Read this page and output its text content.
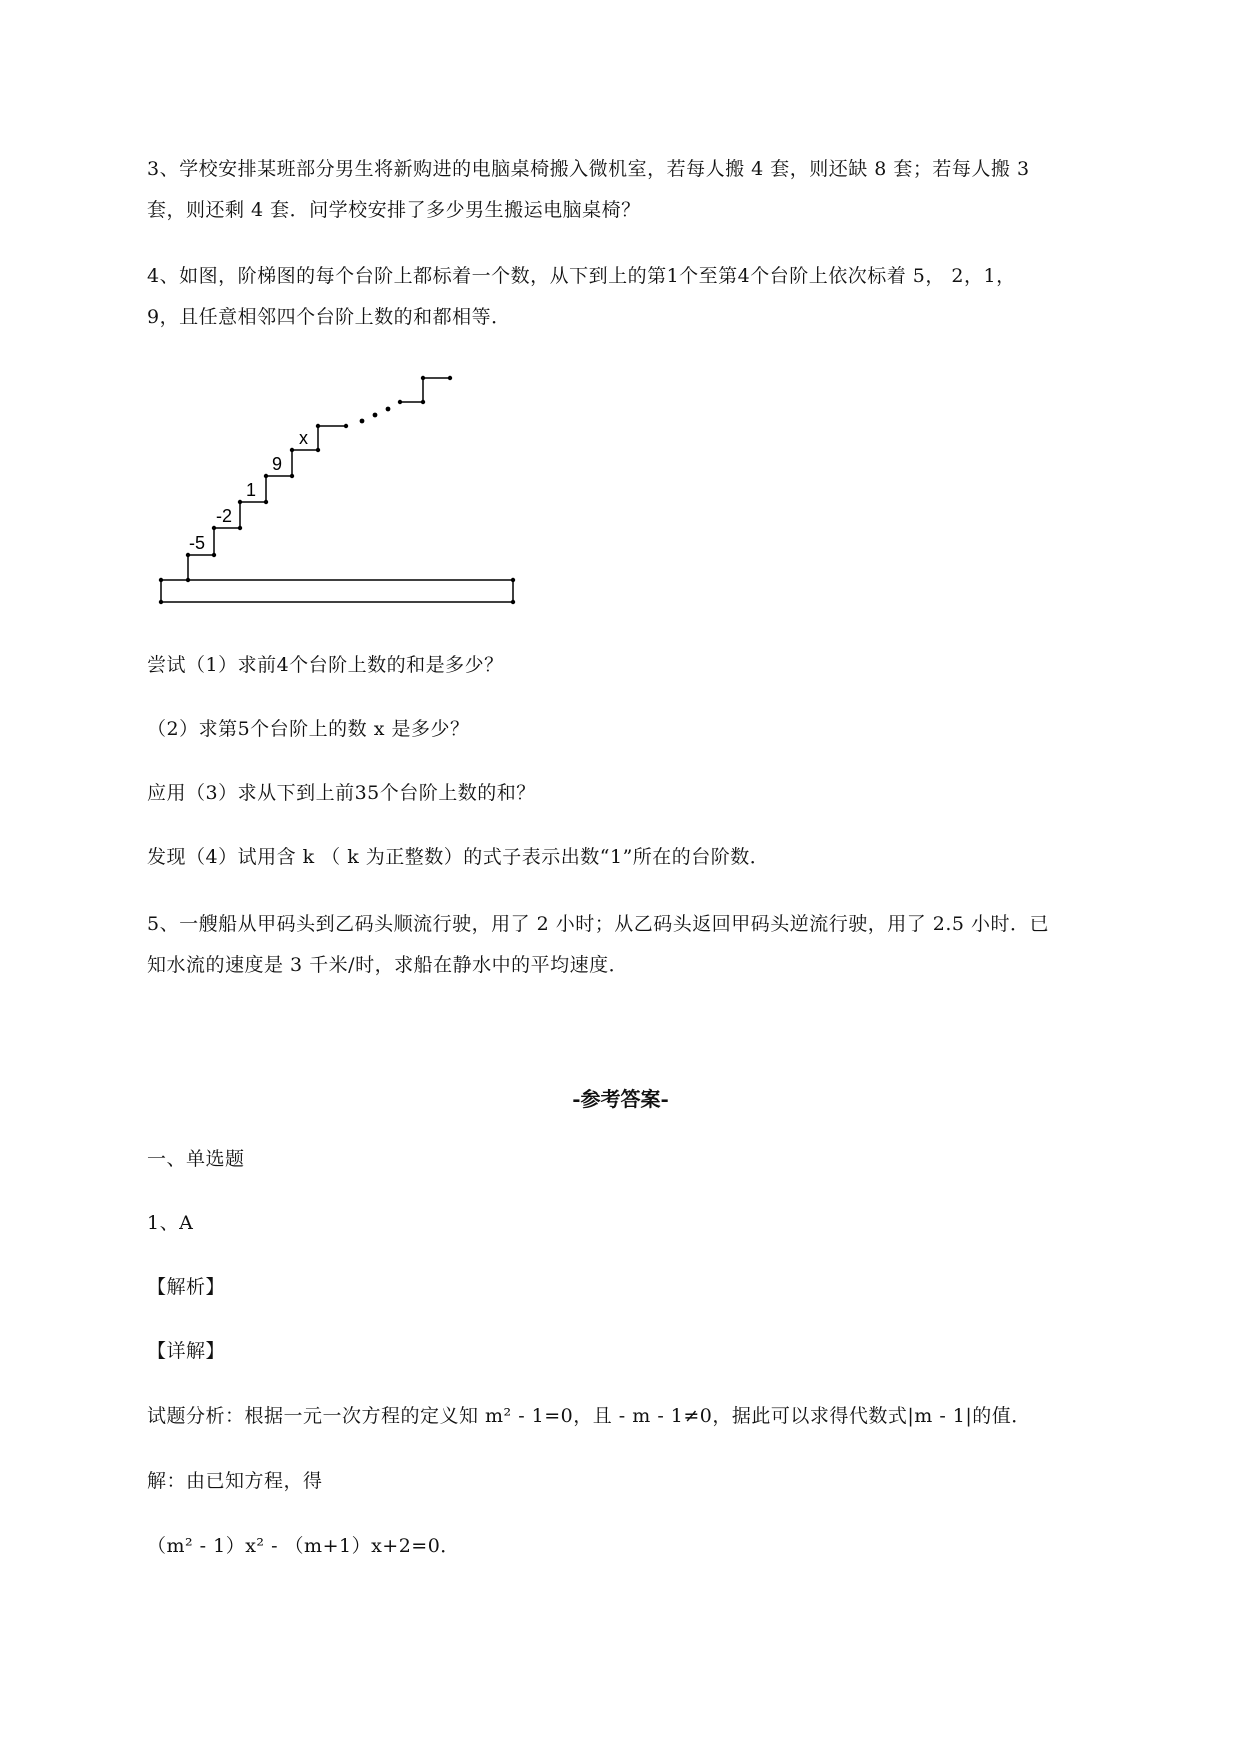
3、学校安排某班部分男生将新购进的电脑桌椅搬入微机室，若每人搬 4 套，则还缺 8 套；若每人搬 3
套，则还剩 4 套．问学校安排了多少男生搬运电脑桌椅？
4、如图，阶梯图的每个台阶上都标着一个数，从下到上的第1个至第4个台阶上依次标着 5， 2，1，
9，且任意相邻四个台阶上数的和都相等．
-5
-2
1
9
x
尝试（1）求前4个台阶上数的和是多少？
（2）求第5个台阶上的数 x 是多少？
应用（3）求从下到上前35个台阶上数的和？
发现（4）试用含 k （ k 为正整数）的式子表示出数“1”所在的台阶数．
5、一艘船从甲码头到乙码头顺流行驶，用了 2 小时；从乙码头返回甲码头逆流行驶，用了 2.5 小时．已
知水流的速度是 3 千米/时，求船在静水中的平均速度．
-参考答案-
一、单选题
1、A
【解析】
【详解】
试题分析：根据一元一次方程的定义知 m² - 1=0，且 - m - 1≠0，据此可以求得代数式|m - 1|的值．
解：由已知方程，得
（m² - 1）x² - （m+1）x+2=0．
